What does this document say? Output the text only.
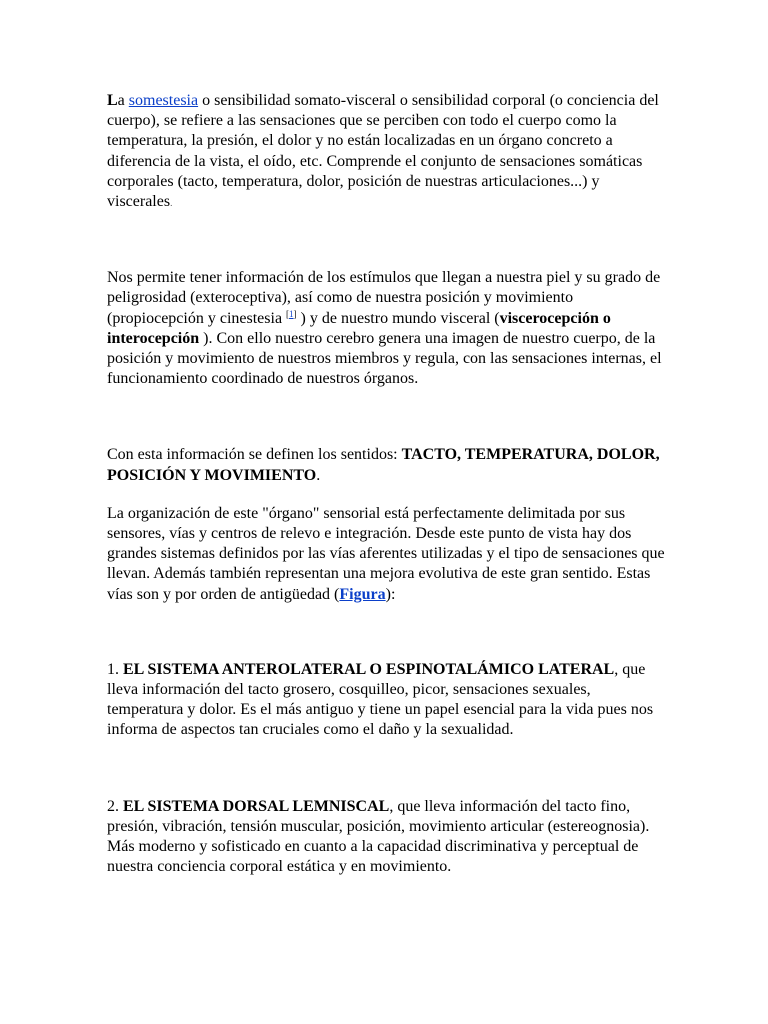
La somestesia o sensibilidad somato-visceral o sensibilidad corporal (o conciencia del cuerpo), se refiere a las sensaciones que se perciben con todo el cuerpo como la temperatura, la presión, el dolor y no están localizadas en un órgano concreto a diferencia de la vista, el oído, etc. Comprende el conjunto de sensaciones somáticas corporales (tacto, temperatura, dolor, posición de nuestras articulaciones...) y viscerales.

Nos permite tener información de los estímulos que llegan a nuestra piel y su grado de peligrosidad (exteroceptiva), así como de nuestra posición y movimiento (propiocepción y cinestesia [1] ) y de nuestro mundo visceral (viscerocepción o interocepción ). Con ello nuestro cerebro genera una imagen de nuestro cuerpo, de la posición y movimiento de nuestros miembros y regula, con las sensaciones internas, el funcionamiento coordinado de nuestros órganos.

Con esta información se definen los sentidos: TACTO, TEMPERATURA, DOLOR, POSICIÓN Y MOVIMIENTO.

La organización de este "órgano" sensorial está perfectamente delimitada por sus sensores, vías y centros de relevo e integración. Desde este punto de vista hay dos grandes sistemas definidos por las vías aferentes utilizadas y el tipo de sensaciones que llevan. Además también representan una mejora evolutiva de este gran sentido. Estas vías son y por orden de antigüedad (Figura):

1. EL SISTEMA ANTEROLATERAL O ESPINOTALÁMICO LATERAL, que lleva información del tacto grosero, cosquilleo, picor, sensaciones sexuales, temperatura y dolor. Es el más antiguo y tiene un papel esencial para la vida pues nos informa de aspectos tan cruciales como el daño y la sexualidad.

2. EL SISTEMA DORSAL LEMNISCAL, que lleva información del tacto fino, presión, vibración, tensión muscular, posición, movimiento articular (estereognosia). Más moderno y sofisticado en cuanto a la capacidad discriminativa y perceptual de nuestra conciencia corporal estática y en movimiento.
